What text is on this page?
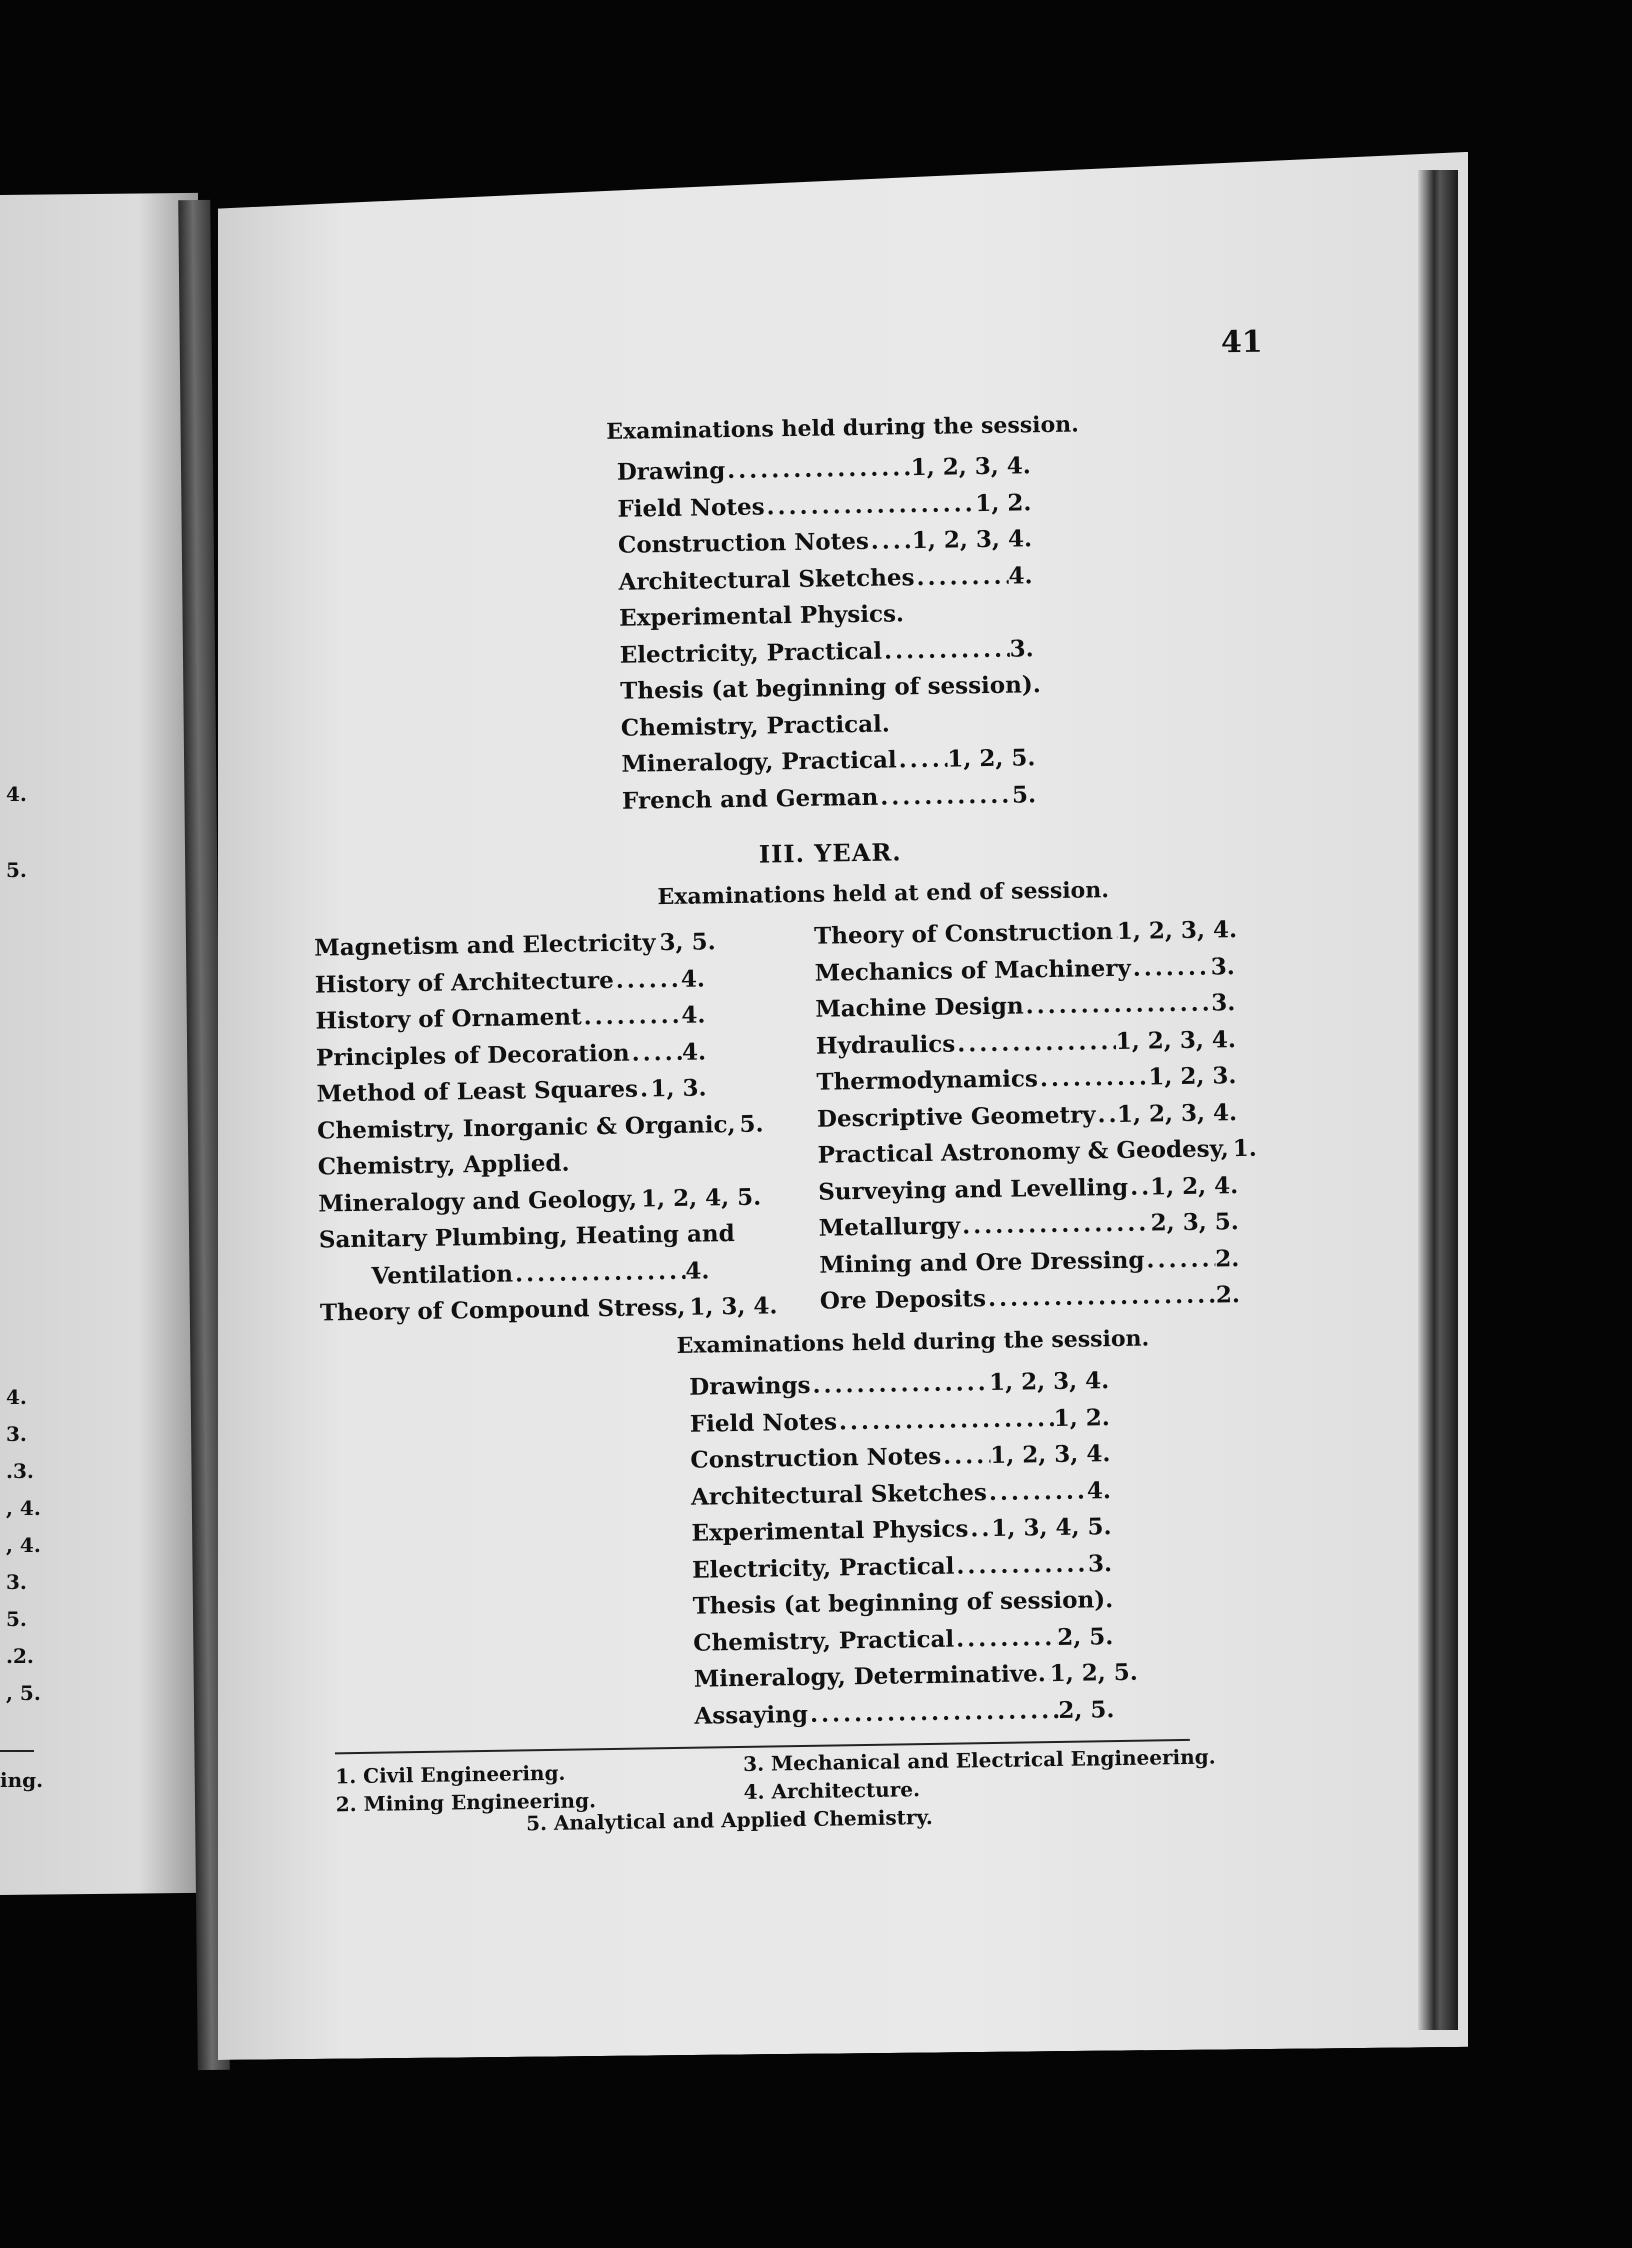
4.
5.
4.
3.
.3.
, 4.
, 4.
3.
5.
.2.
, 5.
ing.
41
Examinations held during the session.
Drawing .....	1, 2, 3, 4.
Field Notes .....	1, 2.
Construction Notes ..... 1, 2, 3, 4.
Architectural Sketches .....	4.
Experimental Physics.
Electricity, Practical .....	3.
Thesis (at beginning of session).
Chemistry, Practical.
Mineralogy, Practical ..... 1, 2, 5.
French and German .....	5.
III. YEAR.
Examinations held at end of session.
Magnetism and Electricity ..... 3, 5.
History of Architecture .....	4.
History of Ornament .....	4.
Principles of Decoration ..... 4.
Method of Least Squares ..... 1, 3.
Chemistry, Inorganic & Organic, 5.
Chemistry, Applied.
Mineralogy and Geology, 1, 2, 4, 5.
Sanitary Plumbing, Heating and
Ventilation .....	4.
Theory of Compound Stress, 1, 3, 4.
Theory of Construction ..... 1, 2, 3, 4.
Mechanics of Machinery .....	3.
Machine Design .....	3.
Hydraulics .....	1, 2, 3, 4.
Thermodynamics .....	1, 2, 3.
Descriptive Geometry ..... 1, 2, 3, 4.
Practical Astronomy & Geodesy, 1.
Surveying and Levelling ..... 1, 2, 4.
Metallurgy .....	2, 3, 5.
Mining and Ore Dressing .....	2.
Ore Deposits .....	2.
Examinations held during the session.
Drawings .....	1, 2, 3, 4.
Field Notes .....	1, 2.
Construction Notes ..... 1, 2, 3, 4.
Architectural Sketches .....	4.
Experimental Physics ..... 1, 3, 4, 5.
Electricity, Practical .....	3.
Thesis (at beginning of session).
Chemistry, Practical .....	2, 5.
Mineralogy, Determinative. ..... 1, 2, 5.
Assaying .....	2, 5.
1. Civil Engineering.
2. Mining Engineering.
3. Mechanical and Electrical Engineering.
4. Architecture.
5. Analytical and Applied Chemistry.
